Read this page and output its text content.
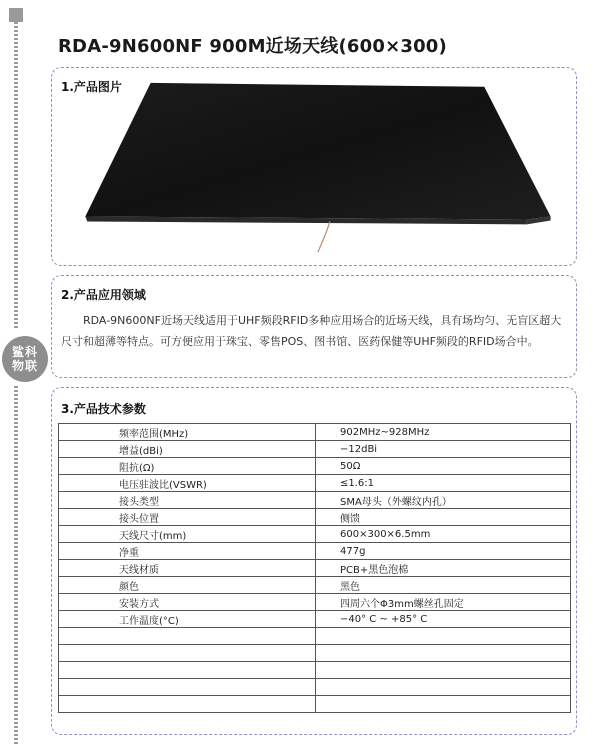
鲨科
物联
RDA-9N600NF 900M近场天线(600×300)
1.产品图片
2.产品应用领域

RDA-9N600NF近场天线适用于UHF频段RFID多种应用场合的近场天线，具有场均匀、无盲区超大尺寸和超薄等特点。可方便应用于珠宝、零售POS、图书馆、医药保健等UHF频段的RFID场合中。

3.产品技术参数
频率范围(MHz)	902MHz~928MHz
增益(dBi)	−12dBi
阻抗(Ω)	50Ω
电压驻波比(VSWR)	≤1.6:1
接头类型	SMA母头（外螺纹内孔）
接头位置	侧馈
天线尺寸(mm)	600×300×6.5mm
净重	477g
天线材质	PCB+黑色泡棉
颜色	黑色
安装方式	四周六个Φ3mm螺丝孔固定
工作温度(°C)	−40° C ~ +85° C
